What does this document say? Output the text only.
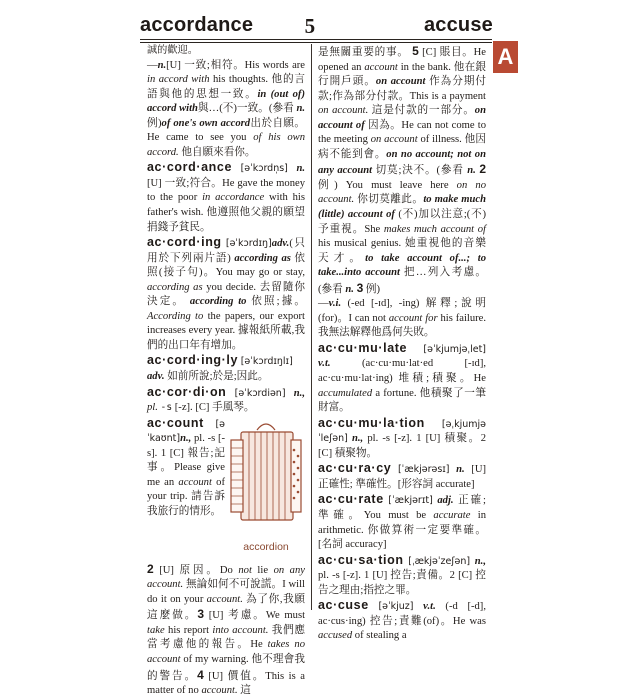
accordance 5	accuse
A

誠的歡迎。
—n.[U] 一致;相符。His words are in accord with his thoughts. 他的言語與他的思想一致。in (out of) accord with與…(不)一致。(參看 n.例)of one's own accord出於自願。He came to see you of his own accord. 他自願來看你。

ac·cord·ance [əˈkɔrdn̩s] n. [U] 一致;符合。He gave the money to the poor in accordance with his father's wish. 他遵照他父親的願望捐錢予貧民。

ac·cord·ing [əˈkɔrdɪŋ]adv.(只用於下列兩片語) according as 依照(接子句)。You may go or stay, according as you decide. 去留隨你決定。 according to 依照;據。According to the papers, our export increases every year. 據報紙所載,我們的出口年有增加。

ac·cord·ing·ly [əˈkɔrdɪŋlɪ]
adv. 如前所說;於是;因此。

ac·cor·di·on [əˈkɔrdiən] n., pl. -s [-z]. [C] 手風琴。

ac·count [əˈkaʊnt]n., pl. -s [-s]. 1 [C] 報告;記事。Please give me an account of your trip. 請告訴我旅行的情形。
accordion

2 [U] 原因。Do not lie on any account. 無論如何不可說謊。I will do it on your account. 為了你,我願這麼做。3 [U] 考慮。We must take his report into account. 我們應當考慮他的報告。He takes no account of my warning. 他不理會我的警告。4 [U] 價值。This is a matter of no account. 這

是無關重要的事。 5 [C] 賬目。He opened an account in the bank. 他在銀行開戶頭。on account 作為分期付款;作為部分付款。This is a payment on account. 這是付款的一部分。on account of 因為。He can not come to the meeting on account of illness. 他因病不能到會。on no account; not on any account 切莫;決不。(參看 n. 2 例) You must leave here on no account. 你切莫離此。to make much (little) account of (不)加以注意;(不)予重視。She makes much account of his musical genius. 她重視他的音樂天才。to take account of...; to take...into account 把…列入考慮。(參看 n. 3 例)

—v.i. (-ed [-ɪd], -ing) 解釋;說明(for)。I can not account for his failure. 我無法解釋他爲何失敗。

ac·cu·mu·late [əˈkjumjəˌlet] v.t. (ac·cu·mu·lat·ed [-ɪd], ac·cu·mu·lat·ing) 堆積;積聚。He accumulated a fortune. 他積聚了一筆財富。

ac·cu·mu·la·tion [əˌkjumjəˈleʃən] n., pl. -s [-z]. 1 [U] 積聚。2 [C] 積聚物。

ac·cu·ra·cy [ˈækjərəsɪ] n. [U] 正確性; 準確性。[形容詞 accurate]

ac·cu·rate [ˈækjərɪt] adj. 正確;準確。You must be accurate in arithmetic. 你做算術一定要準確。[名詞 accuracy]

ac·cu·sa·tion [ˌækjəˈzeʃən] n., pl. -s [-z]. 1 [U] 控告;責備。2 [C] 控告之理由;指控之罪。

ac·cuse [əˈkjuz] v.t. (-d [-d], ac·cus·ing) 控告;責難(of)。He was accused of stealing a
